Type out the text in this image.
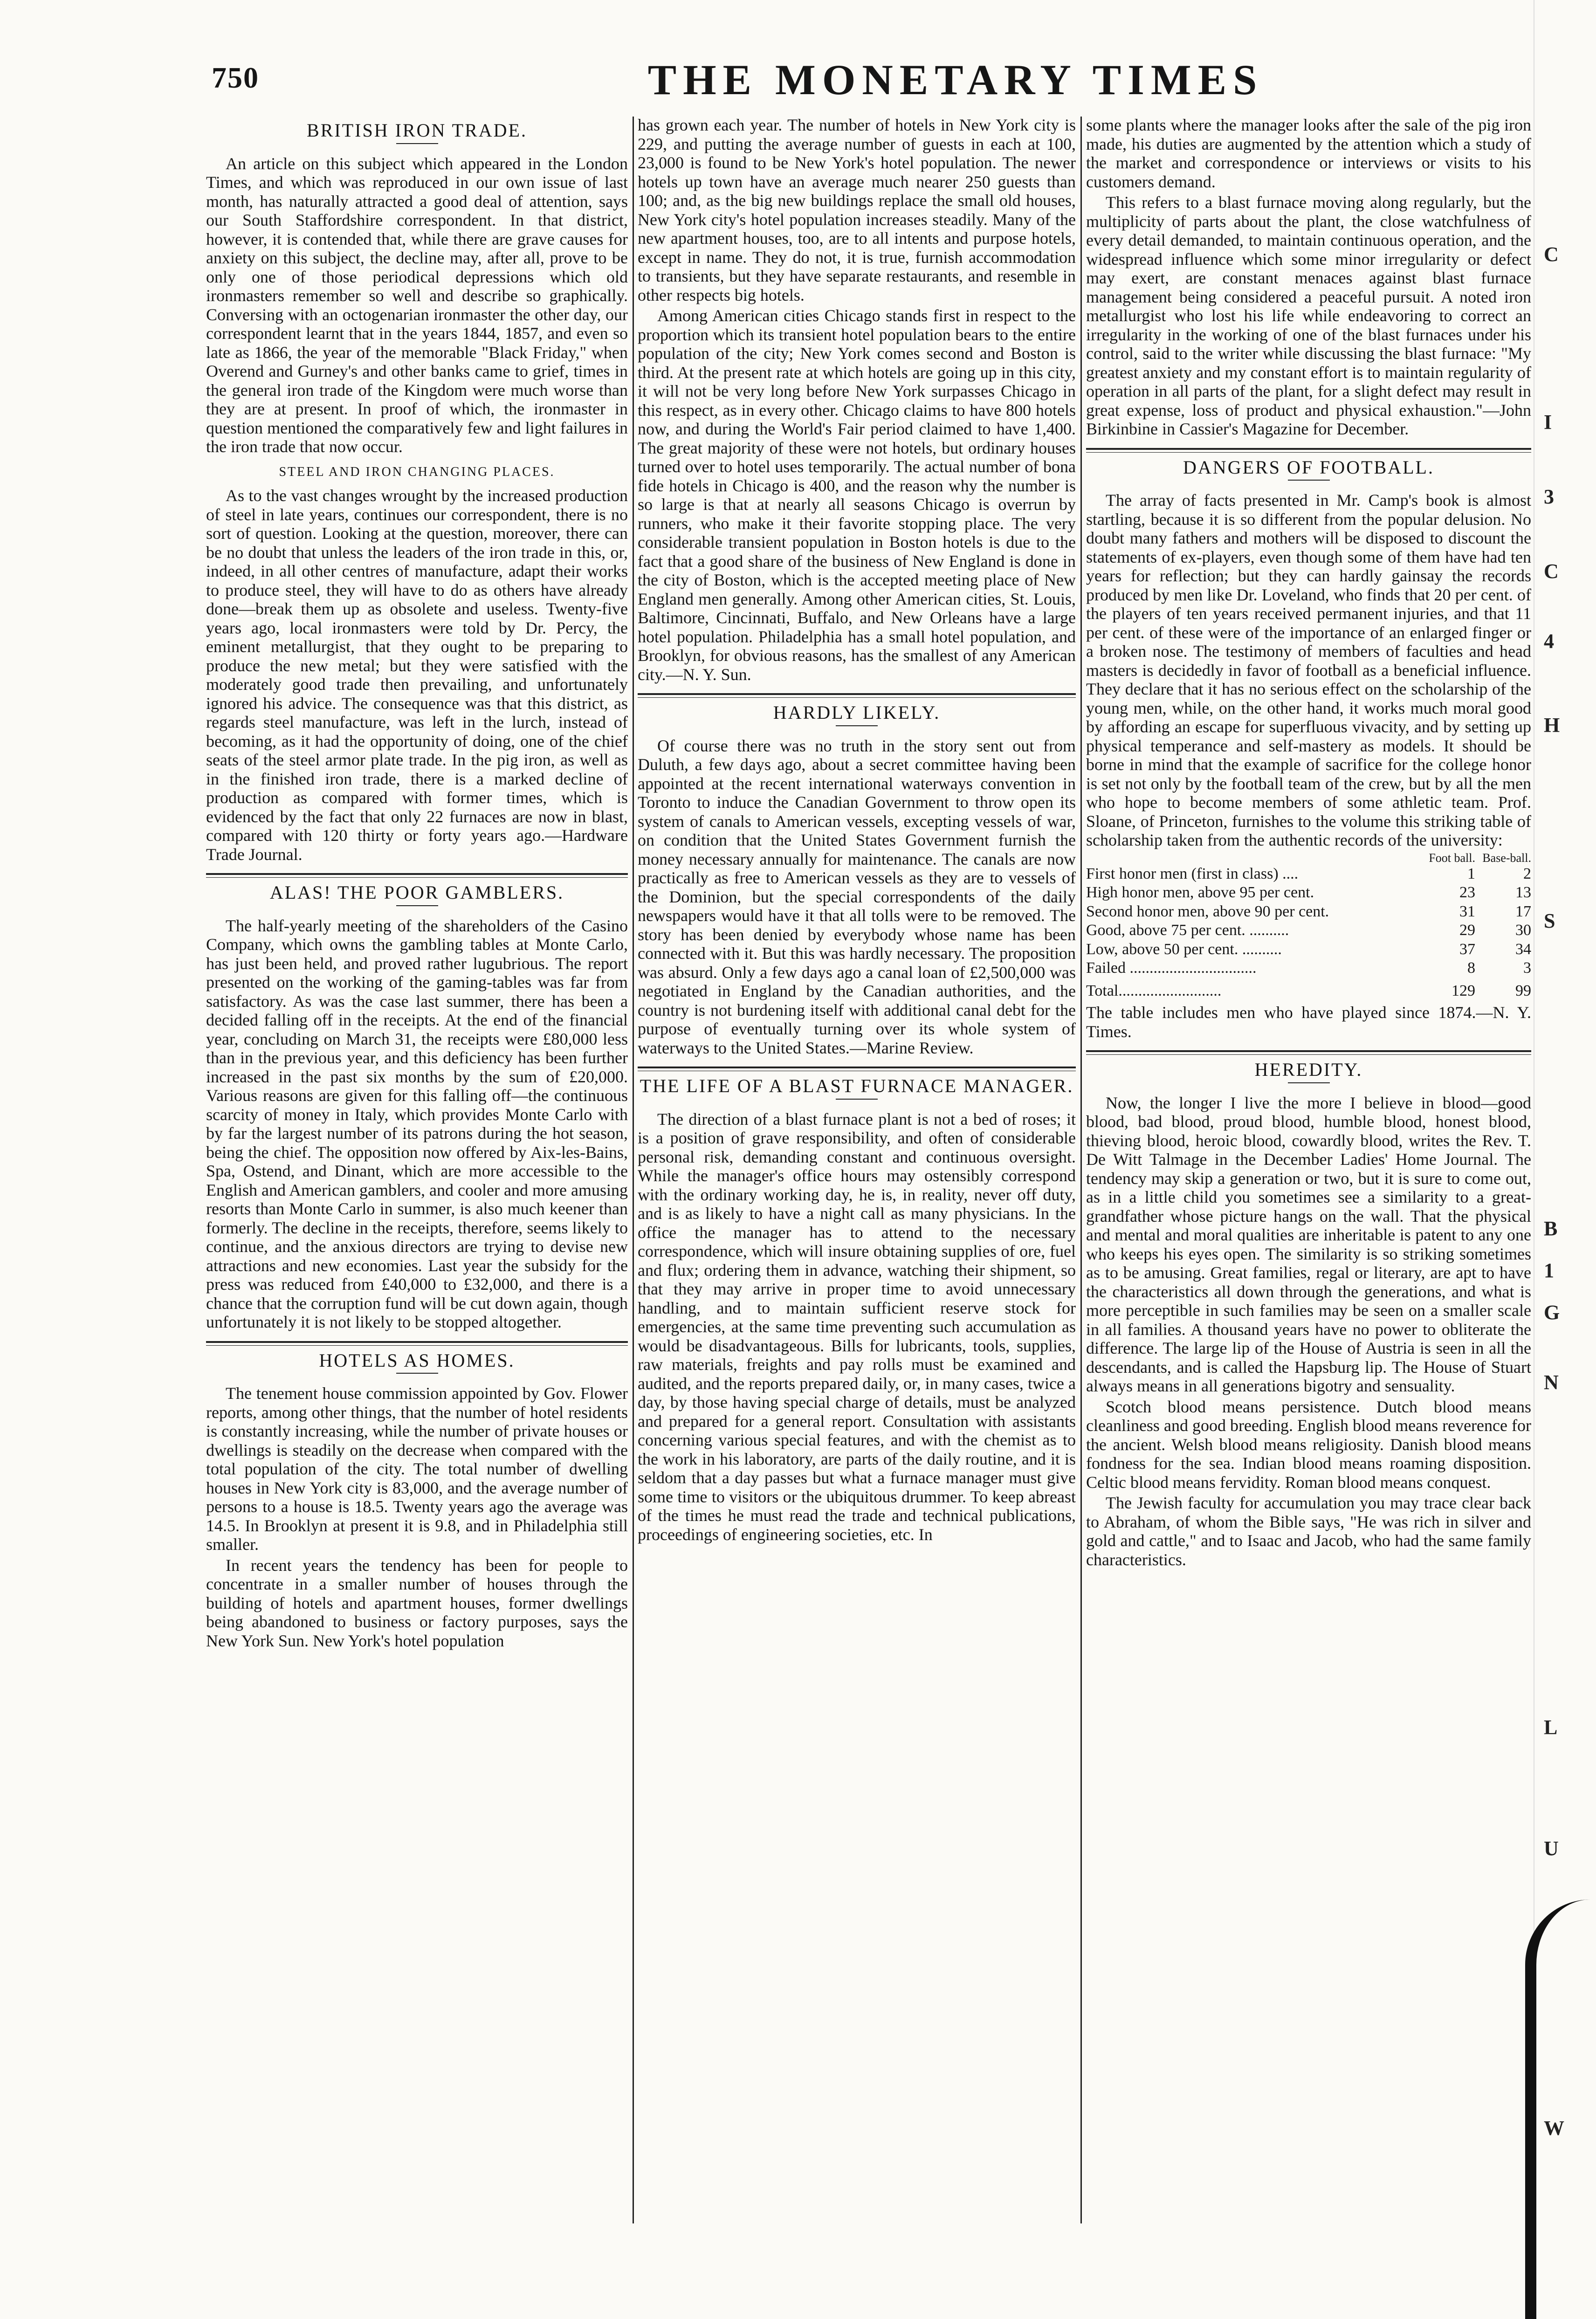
750	THE MONETARY TIMES
BRITISH IRON TRADE.

An article on this subject which appeared in the London Times, and which was reproduced in our own issue of last month, has naturally attracted a good deal of attention, says our South Staffordshire correspondent. In that district, however, it is contended that, while there are grave causes for anxiety on this subject, the decline may, after all, prove to be only one of those periodical depressions which old ironmasters remember so well and describe so graphically. Conversing with an octogenarian ironmaster the other day, our correspondent learnt that in the years 1844, 1857, and even so late as 1866, the year of the memorable "Black Friday," when Overend and Gurney's and other banks came to grief, times in the general iron trade of the Kingdom were much worse than they are at present. In proof of which, the ironmaster in question mentioned the comparatively few and light failures in the iron trade that now occur.

STEEL AND IRON CHANGING PLACES.

As to the vast changes wrought by the increased production of steel in late years, continues our correspondent, there is no sort of question. Looking at the question, moreover, there can be no doubt that unless the leaders of the iron trade in this, or, indeed, in all other centres of manufacture, adapt their works to produce steel, they will have to do as others have already done—break them up as obsolete and useless. Twenty-five years ago, local ironmasters were told by Dr. Percy, the eminent metallurgist, that they ought to be preparing to produce the new metal; but they were satisfied with the moderately good trade then prevailing, and unfortunately ignored his advice. The consequence was that this district, as regards steel manufacture, was left in the lurch, instead of becoming, as it had the opportunity of doing, one of the chief seats of the steel armor plate trade. In the pig iron, as well as in the finished iron trade, there is a marked decline of production as compared with former times, which is evidenced by the fact that only 22 furnaces are now in blast, compared with 120 thirty or forty years ago.—Hardware Trade Journal.

ALAS! THE POOR GAMBLERS.

The half-yearly meeting of the shareholders of the Casino Company, which owns the gambling tables at Monte Carlo, has just been held, and proved rather lugubrious. The report presented on the working of the gaming-tables was far from satisfactory. As was the case last summer, there has been a decided falling off in the receipts. At the end of the financial year, concluding on March 31, the receipts were £80,000 less than in the previous year, and this deficiency has been further increased in the past six months by the sum of £20,000. Various reasons are given for this falling off—the continuous scarcity of money in Italy, which provides Monte Carlo with by far the largest number of its patrons during the hot season, being the chief. The opposition now offered by Aix-les-Bains, Spa, Ostend, and Dinant, which are more accessible to the English and American gamblers, and cooler and more amusing resorts than Monte Carlo in summer, is also much keener than formerly. The decline in the receipts, therefore, seems likely to continue, and the anxious directors are trying to devise new attractions and new economies. Last year the subsidy for the press was reduced from £40,000 to £32,000, and there is a chance that the corruption fund will be cut down again, though unfortunately it is not likely to be stopped altogether.

HOTELS AS HOMES.

The tenement house commission appointed by Gov. Flower reports, among other things, that the number of hotel residents is constantly increasing, while the number of private houses or dwellings is steadily on the decrease when compared with the total population of the city. The total number of dwelling houses in New York city is 83,000, and the average number of persons to a house is 18.5. Twenty years ago the average was 14.5. In Brooklyn at present it is 9.8, and in Philadelphia still smaller.

In recent years the tendency has been for people to concentrate in a smaller number of houses through the building of hotels and apartment houses, former dwellings being abandoned to business or factory purposes, says the New York Sun. New York's hotel population

has grown each year. The number of hotels in New York city is 229, and putting the average number of guests in each at 100, 23,000 is found to be New York's hotel population. The newer hotels up town have an average much nearer 250 guests than 100; and, as the big new buildings replace the small old houses, New York city's hotel population increases steadily. Many of the new apartment houses, too, are to all intents and purpose hotels, except in name. They do not, it is true, furnish accommodation to transients, but they have separate restaurants, and resemble in other respects big hotels.

Among American cities Chicago stands first in respect to the proportion which its transient hotel population bears to the entire population of the city; New York comes second and Boston is third. At the present rate at which hotels are going up in this city, it will not be very long before New York surpasses Chicago in this respect, as in every other. Chicago claims to have 800 hotels now, and during the World's Fair period claimed to have 1,400. The great majority of these were not hotels, but ordinary houses turned over to hotel uses temporarily. The actual number of bona fide hotels in Chicago is 400, and the reason why the number is so large is that at nearly all seasons Chicago is overrun by runners, who make it their favorite stopping place. The very considerable transient population in Boston hotels is due to the fact that a good share of the business of New England is done in the city of Boston, which is the accepted meeting place of New England men generally. Among other American cities, St. Louis, Baltimore, Cincinnati, Buffalo, and New Orleans have a large hotel population. Philadelphia has a small hotel population, and Brooklyn, for obvious reasons, has the smallest of any American city.—N. Y. Sun.

HARDLY LIKELY.

Of course there was no truth in the story sent out from Duluth, a few days ago, about a secret committee having been appointed at the recent international waterways convention in Toronto to induce the Canadian Government to throw open its system of canals to American vessels, excepting vessels of war, on condition that the United States Government furnish the money necessary annually for maintenance. The canals are now practically as free to American vessels as they are to vessels of the Dominion, but the special correspondents of the daily newspapers would have it that all tolls were to be removed. The story has been denied by everybody whose name has been connected with it. But this was hardly necessary. The proposition was absurd. Only a few days ago a canal loan of £2,500,000 was negotiated in England by the Canadian authorities, and the country is not burdening itself with additional canal debt for the purpose of eventually turning over its whole system of waterways to the United States.—Marine Review.

THE LIFE OF A BLAST FURNACE MANAGER.

The direction of a blast furnace plant is not a bed of roses; it is a position of grave responsibility, and often of considerable personal risk, demanding constant and continuous oversight. While the manager's office hours may ostensibly correspond with the ordinary working day, he is, in reality, never off duty, and is as likely to have a night call as many physicians. In the office the manager has to attend to the necessary correspondence, which will insure obtaining supplies of ore, fuel and flux; ordering them in advance, watching their shipment, so that they may arrive in proper time to avoid unnecessary handling, and to maintain sufficient reserve stock for emergencies, at the same time preventing such accumulation as would be disadvantageous. Bills for lubricants, tools, supplies, raw materials, freights and pay rolls must be examined and audited, and the reports prepared daily, or, in many cases, twice a day, by those having special charge of details, must be analyzed and prepared for a general report. Consultation with assistants concerning various special features, and with the chemist as to the work in his laboratory, are parts of the daily routine, and it is seldom that a day passes but what a furnace manager must give some time to visitors or the ubiquitous drummer. To keep abreast of the times he must read the trade and technical publications, proceedings of engineering societies, etc. In

some plants where the manager looks after the sale of the pig iron made, his duties are augmented by the attention which a study of the market and correspondence or interviews or visits to his customers demand.

This refers to a blast furnace moving along regularly, but the multiplicity of parts about the plant, the close watchfulness of every detail demanded, to maintain continuous operation, and the widespread influence which some minor irregularity or defect may exert, are constant menaces against blast furnace management being considered a peaceful pursuit. A noted iron metallurgist who lost his life while endeavoring to correct an irregularity in the working of one of the blast furnaces under his control, said to the writer while discussing the blast furnace: "My greatest anxiety and my constant effort is to maintain regularity of operation in all parts of the plant, for a slight defect may result in great expense, loss of product and physical exhaustion."—John Birkinbine in Cassier's Magazine for December.

DANGERS OF FOOTBALL.

The array of facts presented in Mr. Camp's book is almost startling, because it is so different from the popular delusion. No doubt many fathers and mothers will be disposed to discount the statements of ex-players, even though some of them have had ten years for reflection; but they can hardly gainsay the records produced by men like Dr. Loveland, who finds that 20 per cent. of the players of ten years received permanent injuries, and that 11 per cent. of these were of the importance of an enlarged finger or a broken nose. The testimony of members of faculties and head masters is decidedly in favor of football as a beneficial influence. They declare that it has no serious effect on the scholarship of the young men, while, on the other hand, it works much moral good by affording an escape for superfluous vivacity, and by setting up physical temperance and self-mastery as models. It should be borne in mind that the example of sacrifice for the college honor is set not only by the football team of the crew, but by all the men who hope to become members of some athletic team. Prof. Sloane, of Princeton, furnishes to the volume this striking table of scholarship taken from the authentic records of the university:

Foot ball. Base-ball.
First honor men (first in class) ....	1	2
High honor men, above 95 per cent.	23	13
Second honor men, above 90 per cent.	31	17
Good, above 75 per cent. ..........	29	30
Low, above 50 per cent. ..........	37	34
Failed ................................	8	3
Total..........................	129	99

The table includes men who have played since 1874.—N. Y. Times.

HEREDITY.

Now, the longer I live the more I believe in blood—good blood, bad blood, proud blood, humble blood, honest blood, thieving blood, heroic blood, cowardly blood, writes the Rev. T. De Witt Talmage in the December Ladies' Home Journal. The tendency may skip a generation or two, but it is sure to come out, as in a little child you sometimes see a similarity to a great-grandfather whose picture hangs on the wall. That the physical and mental and moral qualities are inheritable is patent to any one who keeps his eyes open. The similarity is so striking sometimes as to be amusing. Great families, regal or literary, are apt to have the characteristics all down through the generations, and what is more perceptible in such families may be seen on a smaller scale in all families. A thousand years have no power to obliterate the difference. The large lip of the House of Austria is seen in all the descendants, and is called the Hapsburg lip. The House of Stuart always means in all generations bigotry and sensuality.

Scotch blood means persistence. Dutch blood means cleanliness and good breeding. English blood means reverence for the ancient. Welsh blood means religiosity. Danish blood means fondness for the sea. Indian blood means roaming disposition. Celtic blood means fervidity. Roman blood means conquest.

The Jewish faculty for accumulation you may trace clear back to Abraham, of whom the Bible says, "He was rich in silver and gold and cattle," and to Isaac and Jacob, who had the same family characteristics.

C
I
3
C
4
H
S
B
1
G
N
L
U
W
